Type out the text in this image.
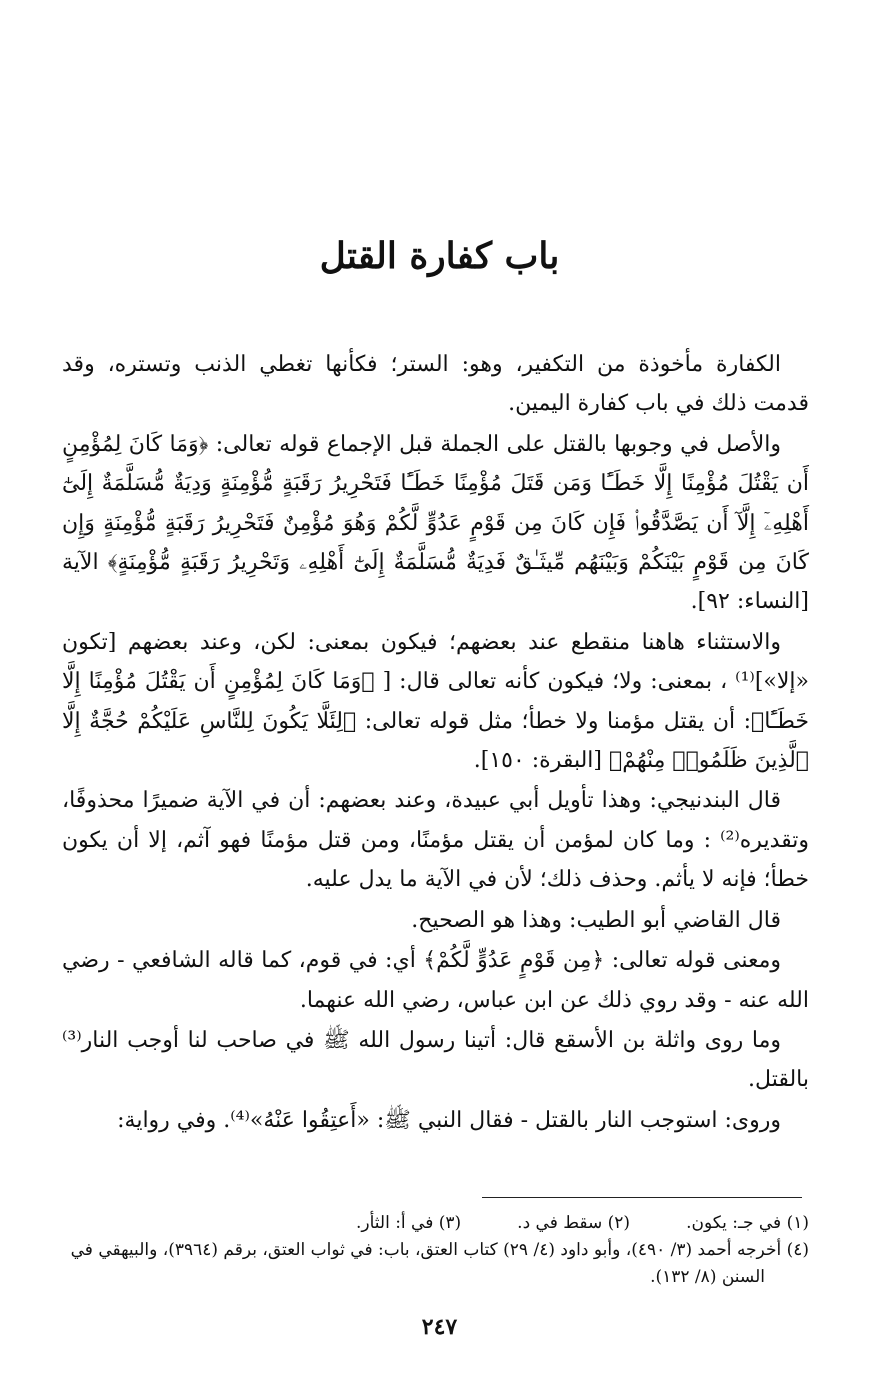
باب كفارة القتل

الكفارة مأخوذة من التكفير، وهو: الستر؛ فكأنها تغطي الذنب وتستره، وقد قدمت ذلك في باب كفارة اليمين.

والأصل في وجوبها بالقتل على الجملة قبل الإجماع قوله تعالى: ﴿وَمَا كَانَ لِمُؤْمِنٍ أَن يَقْتُلَ مُؤْمِنًا إِلَّا خَطَـًٔا وَمَن قَتَلَ مُؤْمِنًا خَطَـًٔا فَتَحْرِيرُ رَقَبَةٍ مُّؤْمِنَةٍ وَدِيَةٌ مُّسَلَّمَةٌ إِلَىٰٓ أَهْلِهِۦٓ إِلَّآ أَن يَصَّدَّقُوا۟ فَإِن كَانَ مِن قَوْمٍ عَدُوٍّ لَّكُمْ وَهُوَ مُؤْمِنٌ فَتَحْرِيرُ رَقَبَةٍ مُّؤْمِنَةٍ وَإِن كَانَ مِن قَوْمٍ بَيْنَكُمْ وَبَيْنَهُم مِّيثَـٰقٌ فَدِيَةٌ مُّسَلَّمَةٌ إِلَىٰٓ أَهْلِهِۦ وَتَحْرِيرُ رَقَبَةٍ مُّؤْمِنَةٍ﴾ الآية [النساء: ٩٢].

والاستثناء هاهنا منقطع عند بعضهم؛ فيكون بمعنى: لكن، وعند بعضهم [تكون «إلا»]⁽¹⁾ ، بمعنى: ولا؛ فيكون كأنه تعالى قال: [ ﴿وَمَا كَانَ لِمُؤْمِنٍ أَن يَقْتُلَ مُؤْمِنًا إِلَّا خَطَـًٔا﴾: أن يقتل مؤمنا ولا خطأ؛ مثل قوله تعالى: ﴿لِئَلَّا يَكُونَ لِلنَّاسِ عَلَيْكُمْ حُجَّةٌ إِلَّا ٱلَّذِينَ ظَلَمُوا۟ مِنْهُمْ﴾ [البقرة: ١٥٠].

قال البندنيجي: وهذا تأويل أبي عبيدة، وعند بعضهم: أن في الآية ضميرًا محذوفًا، وتقديره⁽²⁾ : وما كان لمؤمن أن يقتل مؤمنًا، ومن قتل مؤمنًا فهو آثم، إلا أن يكون خطأ؛ فإنه لا يأثم. وحذف ذلك؛ لأن في الآية ما يدل عليه.

قال القاضي أبو الطيب: وهذا هو الصحيح.

ومعنى قوله تعالى: ﴿مِن قَوْمٍ عَدُوٍّ لَّكُمْ﴾ أي: في قوم، كما قاله الشافعي - رضي الله عنه - وقد روي ذلك عن ابن عباس، رضي الله عنهما.

وما روى واثلة بن الأسقع قال: أتينا رسول الله ﷺ في صاحب لنا أوجب النار⁽³⁾ بالقتل.

وروى: استوجب النار بالقتل - فقال النبي ﷺ: «أَعتِقُوا عَنْهُ»⁽⁴⁾. وفي رواية:

(١) في جـ: يكون.
(٢) سقط في د.
(٣) في أ: الثأر.

(٤) أخرجه أحمد (٣/ ٤٩٠)، وأبو داود (٤/ ٢٩) كتاب العتق، باب: في ثواب العتق، برقم (٣٩٦٤)، والبيهقي في السنن (٨/ ١٣٢).

٢٤٧
